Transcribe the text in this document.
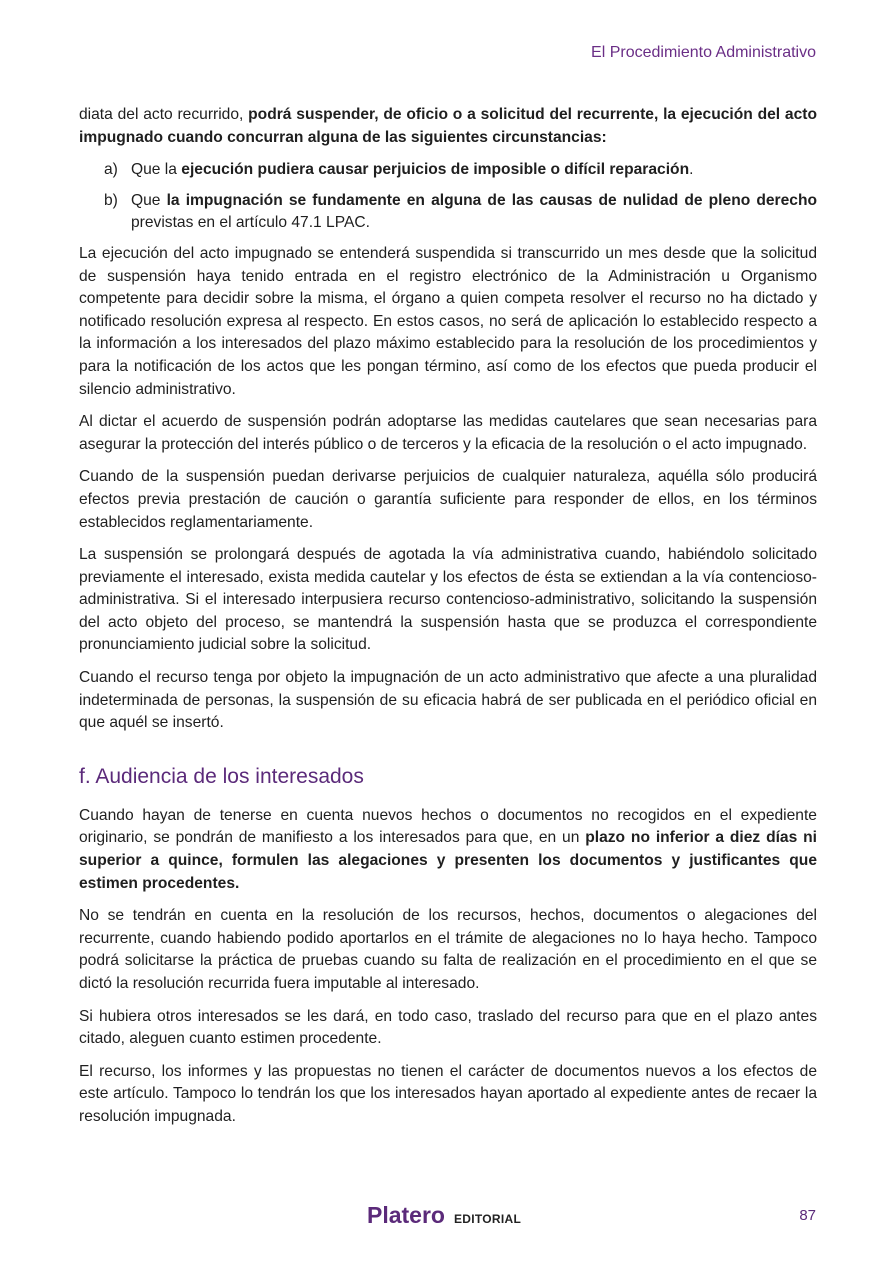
El Procedimiento Administrativo

diata del acto recurrido, podrá suspender, de oficio o a solicitud del recurrente, la ejecución del acto impugnado cuando concurran alguna de las siguientes circunstancias:

a) Que la ejecución pudiera causar perjuicios de imposible o difícil reparación.
b) Que la impugnación se fundamente en alguna de las causas de nulidad de pleno derecho previstas en el artículo 47.1 LPAC.

La ejecución del acto impugnado se entenderá suspendida si transcurrido un mes desde que la solicitud de suspensión haya tenido entrada en el registro electrónico de la Administración u Organismo competente para decidir sobre la misma, el órgano a quien competa resolver el recurso no ha dictado y notificado resolución expresa al respecto. En estos casos, no será de aplicación lo establecido respecto a la información a los interesados del plazo máximo establecido para la resolución de los procedimientos y para la notificación de los actos que les pongan término, así como de los efectos que pueda producir el silencio administrativo.

Al dictar el acuerdo de suspensión podrán adoptarse las medidas cautelares que sean necesarias para asegurar la protección del interés público o de terceros y la eficacia de la resolución o el acto impugnado.

Cuando de la suspensión puedan derivarse perjuicios de cualquier naturaleza, aquélla sólo producirá efectos previa prestación de caución o garantía suficiente para responder de ellos, en los términos establecidos reglamentariamente.

La suspensión se prolongará después de agotada la vía administrativa cuando, habiéndolo solicitado previamente el interesado, exista medida cautelar y los efectos de ésta se extiendan a la vía contencioso-administrativa. Si el interesado interpusiera recurso contencioso-administrativo, solicitando la suspensión del acto objeto del proceso, se mantendrá la suspensión hasta que se produzca el correspondiente pronunciamiento judicial sobre la solicitud.

Cuando el recurso tenga por objeto la impugnación de un acto administrativo que afecte a una pluralidad indeterminada de personas, la suspensión de su eficacia habrá de ser publicada en el periódico oficial en que aquél se insertó.

f. Audiencia de los interesados

Cuando hayan de tenerse en cuenta nuevos hechos o documentos no recogidos en el expediente originario, se pondrán de manifiesto a los interesados para que, en un plazo no inferior a diez días ni superior a quince, formulen las alegaciones y presenten los documentos y justificantes que estimen procedentes.

No se tendrán en cuenta en la resolución de los recursos, hechos, documentos o alegaciones del recurrente, cuando habiendo podido aportarlos en el trámite de alegaciones no lo haya hecho. Tampoco podrá solicitarse la práctica de pruebas cuando su falta de realización en el procedimiento en el que se dictó la resolución recurrida fuera imputable al interesado.

Si hubiera otros interesados se les dará, en todo caso, traslado del recurso para que en el plazo antes citado, aleguen cuanto estimen procedente.

El recurso, los informes y las propuestas no tienen el carácter de documentos nuevos a los efectos de este artículo. Tampoco lo tendrán los que los interesados hayan aportado al expediente antes de recaer la resolución impugnada.

Platero EDITORIAL	87
